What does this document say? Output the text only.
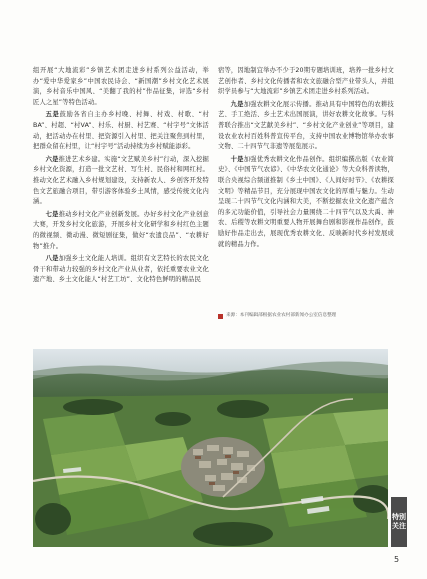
组开展“大地流彩”乡镇艺术团走进乡村系列公益活动，举办“爱中华爱家乡”中国农民诗会、“新国潮”乡村文化艺术展演，乡村音乐中国风、“美翻了我的村”作品征集，评选“乡村匠人之星”等特色活动。

五是鼓励各省自主办乡村晚、村舞、村戏、村歌、“村BA”、村超、“村VA”、村乐、村厨、村艺赛、“村宇号”文体活动，把活动办在村里、把资源引入村里、把关注聚焦到村里，把群众留在村里，让“村宇号”活动持续为乡村赋能添彩。

六是推进艺术乡建。实施“文艺赋美乡村”行动，深入挖掘乡村文化资源，打造一批文艺村、写生村、民俗村和网红村。推动文化艺术融入乡村规划建设，支持新农人、乡创客开发特色文艺旅融合项目，带引游客体验乡土风情，感受传统文化内涵。

七是推动乡村文化产业创新发展。办好乡村文化产业创意大赛，开发乡村文化旅游，开展乡村文化研学和乡村红色主题的微视频、微动漫、微短剧征集，做好“农遗良品”、“农耕好物”推介。

八是加强乡土文化能人培训。组织有文艺特长的农民文化骨干和带动力较强的乡村文化产业从业者，依托重要农业文化遗产地、乡土文化能人“村艺工坊”、文化特色鲜明的精品民

宿等，因地制宜举办不少于20期专题培训班，培养一批乡村文艺创作者、乡村文化传播者和农文旅融合型产业带头人，并组织学员参与“大地流彩”乡镇艺术团走进乡村系列活动。

九是加强农耕文化展示传播。推动具有中国特色的农耕技艺、手工绝活、乡土艺术出国展演，讲好农耕文化故事。与科普联合推出“文艺献美乡村”、“乡村文化产业创业”等项目，建设农业农村百姓科普宣传平台，支持中国农业博物馆举办农事文物、二十四节气非遗等展览展示。

十是加强优秀农耕文化作品创作。组织编撰出版《农业简史》、《中国节气农谚》、《中华农文化通论》等大众科普读物，联合央视综合频道推制《乡土中国》、《人间好时节》、《农耕探文明》等精品节目，充分展现中国农文化的厚重与魅力。生动呈现二十四节气文化内涵和大美，不断挖掘农业文化遗产蕴含的多元功能价值，引导社会力量围绕二十四节气以及大禹、神农、后稷等农耕文明重要人物开展舞台剧和影视作品创作，鼓励好作品走出去，展现优秀农耕文化、反映新时代乡村发展成就的精品力作。

来源：本刊编辑部根据农业农村部新闻办公室信息整理
特别
关注
5
